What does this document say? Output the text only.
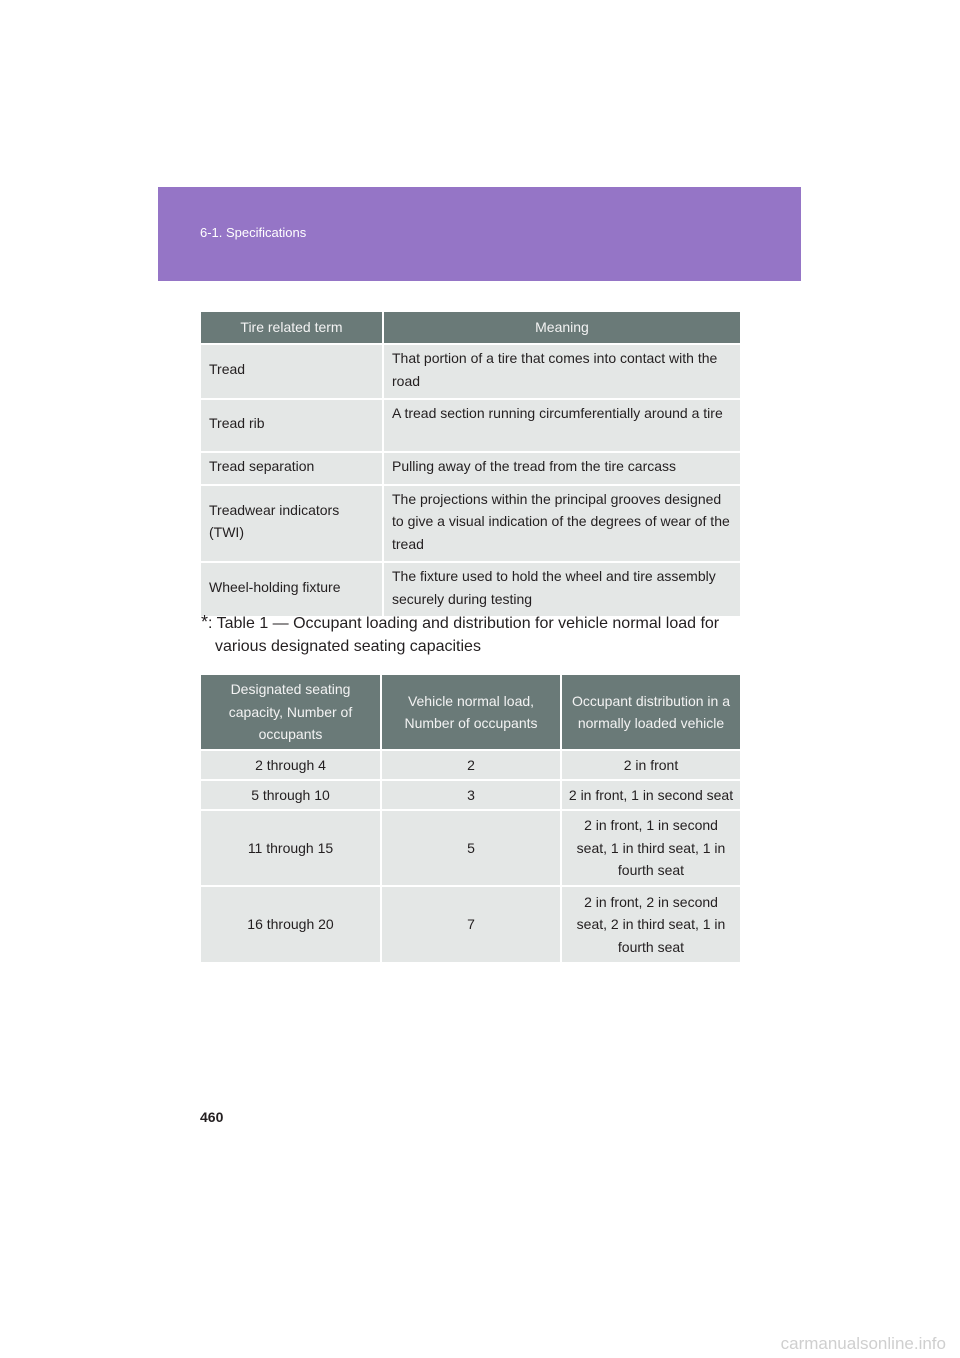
6-1. Specifications
Tire related term	Meaning
Tread	That portion of a tire that comes into contact with the road
Tread rib	A tread section running circumferentially around a tire
Tread separation	Pulling away of the tread from the tire carcass
Treadwear indicators (TWI)	The projections within the principal grooves designed to give a visual indication of the degrees of wear of the tread
Wheel-holding fixture	The fixture used to hold the wheel and tire assembly securely during testing
*: Table 1 — Occupant loading and distribution for vehicle normal load for
various designated seating capacities
Designated seating capacity, Number of occupants	Vehicle normal load, Number of occupants	Occupant distribution in a normally loaded vehicle
2 through 4	2	2 in front
5 through 10	3	2 in front, 1 in second seat
11 through 15	5	2 in front, 1 in second seat, 1 in third seat, 1 in fourth seat
16 through 20	7	2 in front, 2 in second seat, 2 in third seat, 1 in fourth seat
460
carmanualsonline.info
